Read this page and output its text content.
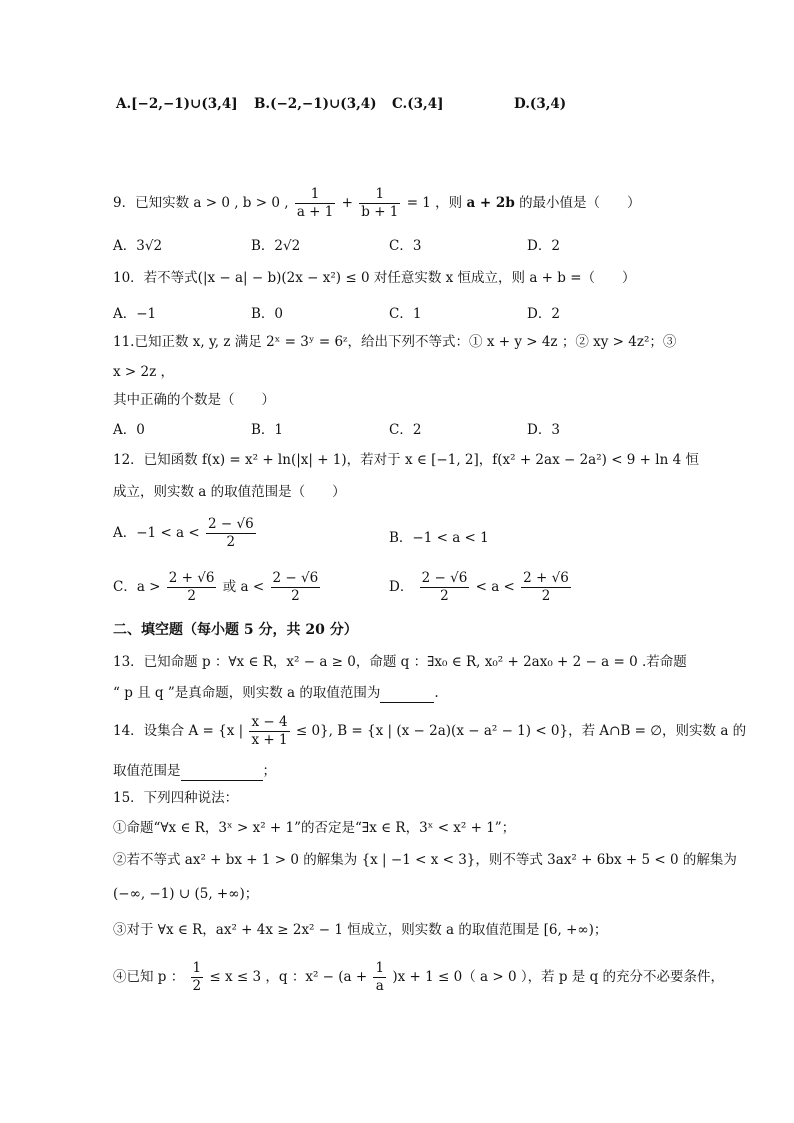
A.[−2,−1)∪(3,4] B.(−2,−1)∪(3,4) C.(3,4]	D.(3,4)
9．已知实数 a > 0 , b > 0 , $\frac{1}{a + 1} + \frac{1}{b + 1} = 1$ ，则 a + 2b 的最小值是（　　）
A．3√2	B．2√2	C．3	D．2
10．若不等式(|x − a| − b)(2x − x²) ≤ 0 对任意实数 x 恒成立，则 a + b =（　　）
A．−1	B．0	C．1	D．2
11.已知正数 x, y, z 满足 2ˣ = 3ʸ = 6ᶻ，给出下列不等式：① x + y > 4z ；② xy > 4z²；③
x > 2z ，
其中正确的个数是（　　）
A．0	B．1	C．2	D．3
12．已知函数 f(x) = x² + ln(|x| + 1)，若对于 x ∈ [−1, 2]，f(x² + 2ax − 2a²) < 9 + ln 4 恒
成立，则实数 a 的取值范围是（　　）
A．$-1 < a < \frac{2 - √6}{2}$	B．−1 < a < 1
C．$a > \frac{2 + √6}{2}$ 或 $a < \frac{2 - √6}{2}$	D． $\frac{2 - √6}{2} < a < \frac{2 + √6}{2}$
二、填空题（每小题 5 分，共 20 分）
13．已知命题 p ：∀x ∈ R，x² − a ≥ 0，命题 q ：∃x₀ ∈ R, x₀² + 2ax₀ + 2 − a = 0 .若命题
“ p 且 q ”是真命题，则实数 a 的取值范围为	.
14．设集合 A = {x | $\frac{x - 4}{x + 1} \le 0$}, B = {x | (x − 2a)(x − a² − 1) < 0}，若 A∩B = ∅，则实数 a 的
取值范围是	；
15．下列四种说法：
①命题“∀x ∈ R，3ˣ > x² + 1”的否定是“∃x ∈ R，3ˣ < x² + 1”；
②若不等式 ax² + bx + 1 > 0 的解集为 {x | −1 < x < 3}，则不等式 3ax² + 6bx + 5 < 0 的解集为
(−∞, −1) ∪ (5, +∞)；
③对于 ∀x ∈ R，ax² + 4x ≥ 2x² − 1 恒成立，则实数 a 的取值范围是 [6, +∞)；
④已知 p ： $\frac{1}{2} \le x \le 3$ ，q ：$x^2 - (a + \frac{1}{a} )x + 1 \le 0$（ a > 0 ），若 p 是 q 的充分不必要条件，
